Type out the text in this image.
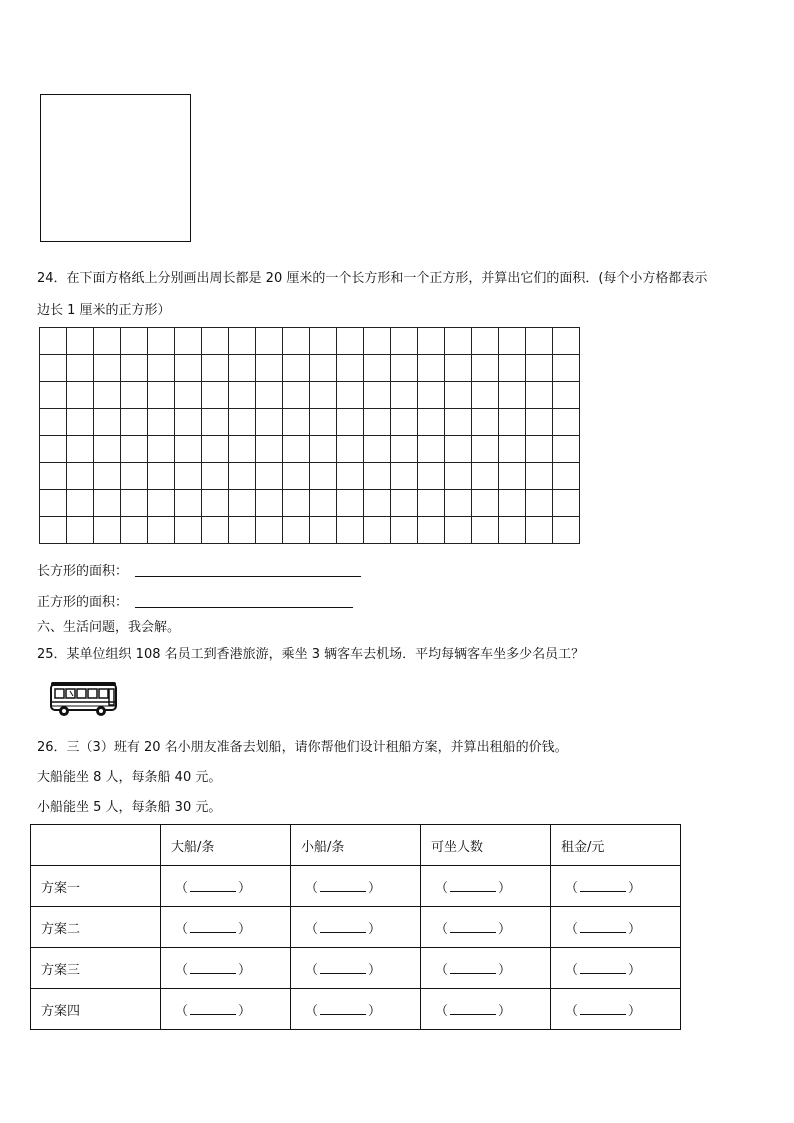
24．在下面方格纸上分别画出周长都是 20 厘米的一个长方形和一个正方形，并算出它们的面积．(每个小方格都表示
边长 1 厘米的正方形）

长方形的面积：
正方形的面积：
六、生活问题，我会解。
25．某单位组织 108 名员工到香港旅游，乘坐 3 辆客车去机场．平均每辆客车坐多少名员工？
26．三（3）班有 20 名小朋友准备去划船，请你帮他们设计租船方案，并算出租船的价钱。
大船能坐 8 人，每条船 40 元。
小船能坐 5 人，每条船 30 元。
	大船/条	小船/条	可坐人数	租金/元
方案一	（ ）	（ ）	（ ）	（ ）
方案二	（ ）	（ ）	（ ）	（ ）
方案三	（ ）	（ ）	（ ）	（ ）
方案四	（ ）	（ ）	（ ）	（ ）
